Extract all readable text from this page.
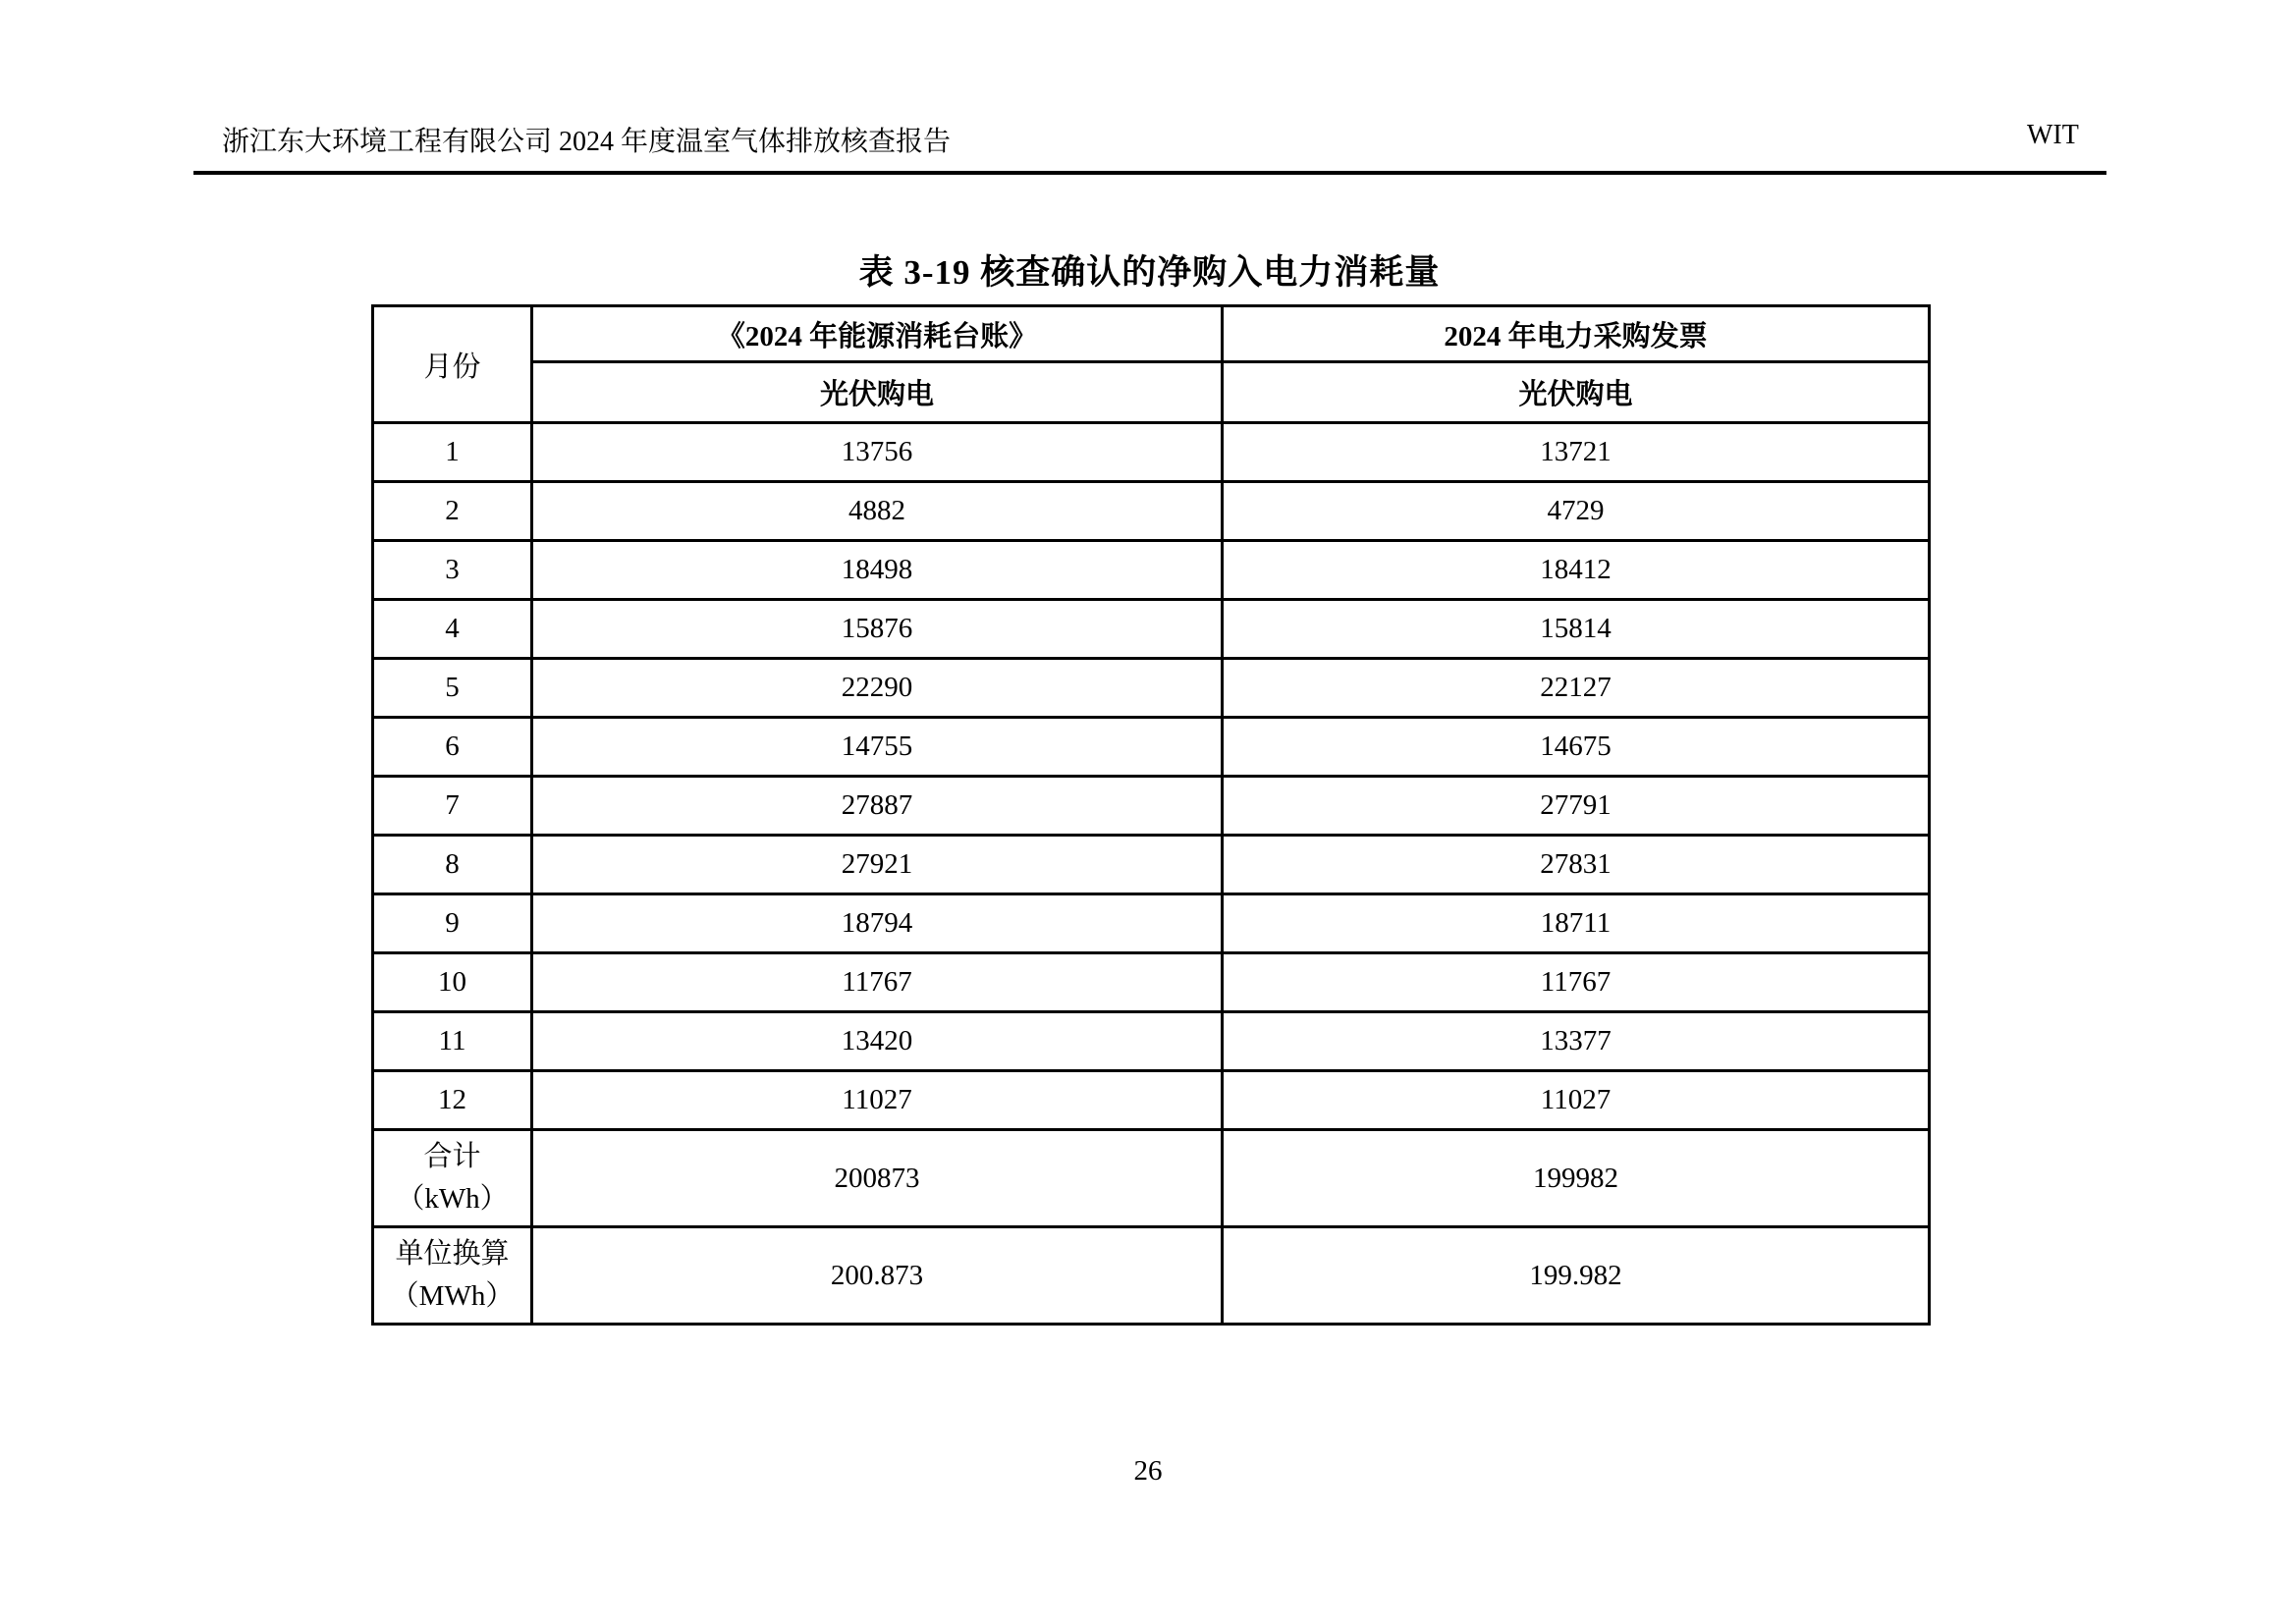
浙江东大环境工程有限公司 2024 年度温室气体排放核查报告	WIT
表 3-19 核查确认的净购入电力消耗量
月份	《2024 年能源消耗台账》	2024 年电力采购发票
	光伏购电	光伏购电
1	13756	13721
2	4882	4729
3	18498	18412
4	15876	15814
5	22290	22127
6	14755	14675
7	27887	27791
8	27921	27831
9	18794	18711
10	11767	11767
11	13420	13377
12	11027	11027
合计
（kWh）	200873	199982
单位换算
（MWh）	200.873	199.982
26
